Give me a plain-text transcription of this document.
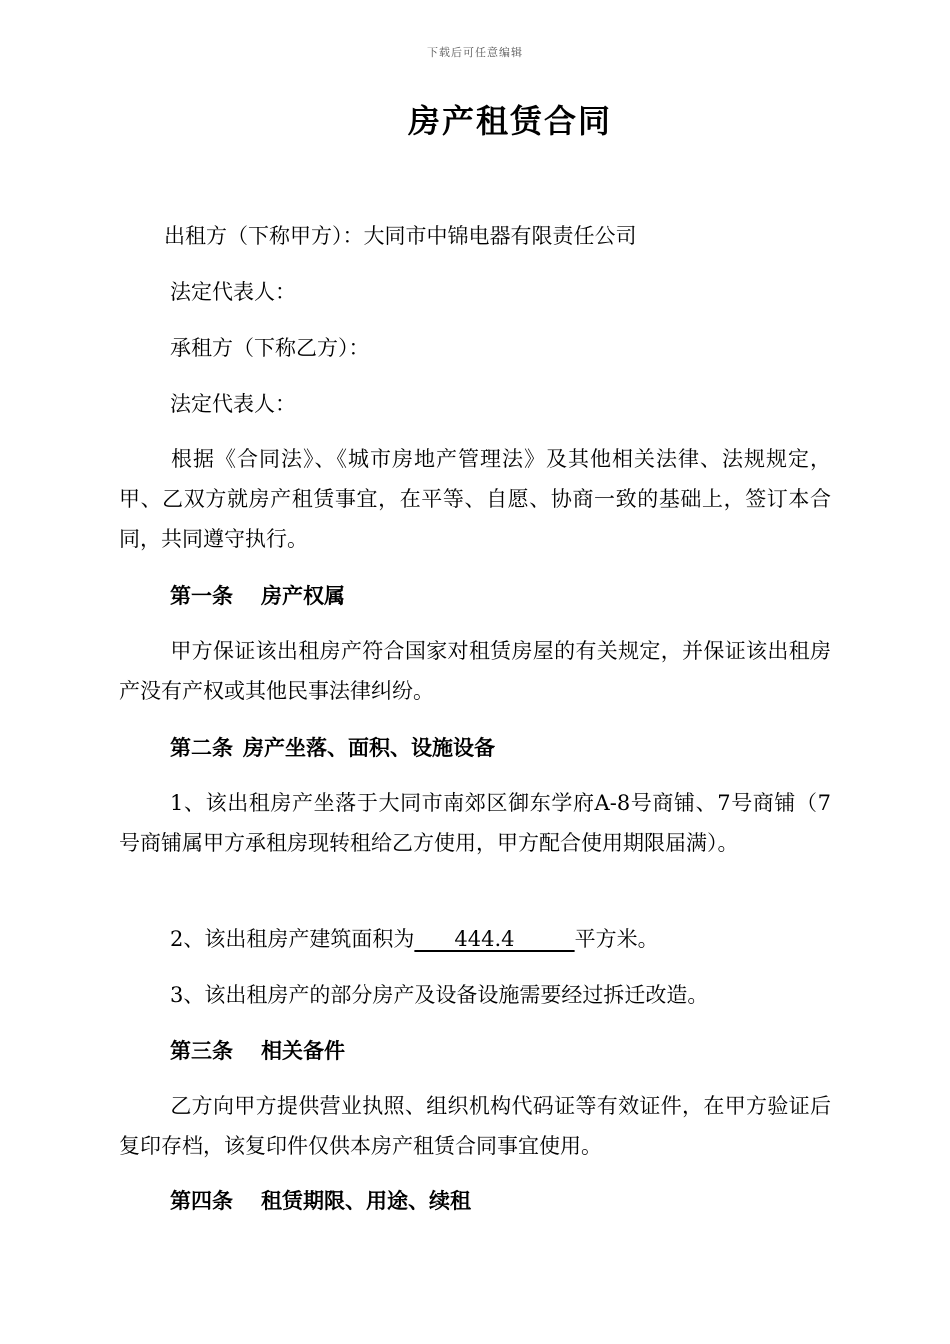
下载后可任意编辑
房产租赁合同
出租方（下称甲方）：大同市中锦电器有限责任公司
法定代表人：
承租方（下称乙方）：
法定代表人：
根据《合同法》、《城市房地产管理法》及其他相关法律、法规规定，甲、乙双方就房产租赁事宜，在平等、自愿、协商一致的基础上，签订本合同，共同遵守执行。
第一条 房产权属
甲方保证该出租房产符合国家对租赁房屋的有关规定，并保证该出租房产没有产权或其他民事法律纠纷。
第二条 房产坐落、面积、设施设备
1、该出租房产坐落于大同市南郊区御东学府A-8号商铺、7号商铺（7号商铺属甲方承租房现转租给乙方使用，甲方配合使用期限届满）。
2、该出租房产建筑面积为      444.4         平方米。
3、该出租房产的部分房产及设备设施需要经过拆迁改造。
第三条 相关备件
乙方向甲方提供营业执照、组织机构代码证等有效证件，在甲方验证后复印存档，该复印件仅供本房产租赁合同事宜使用。
第四条 租赁期限、用途、续租
